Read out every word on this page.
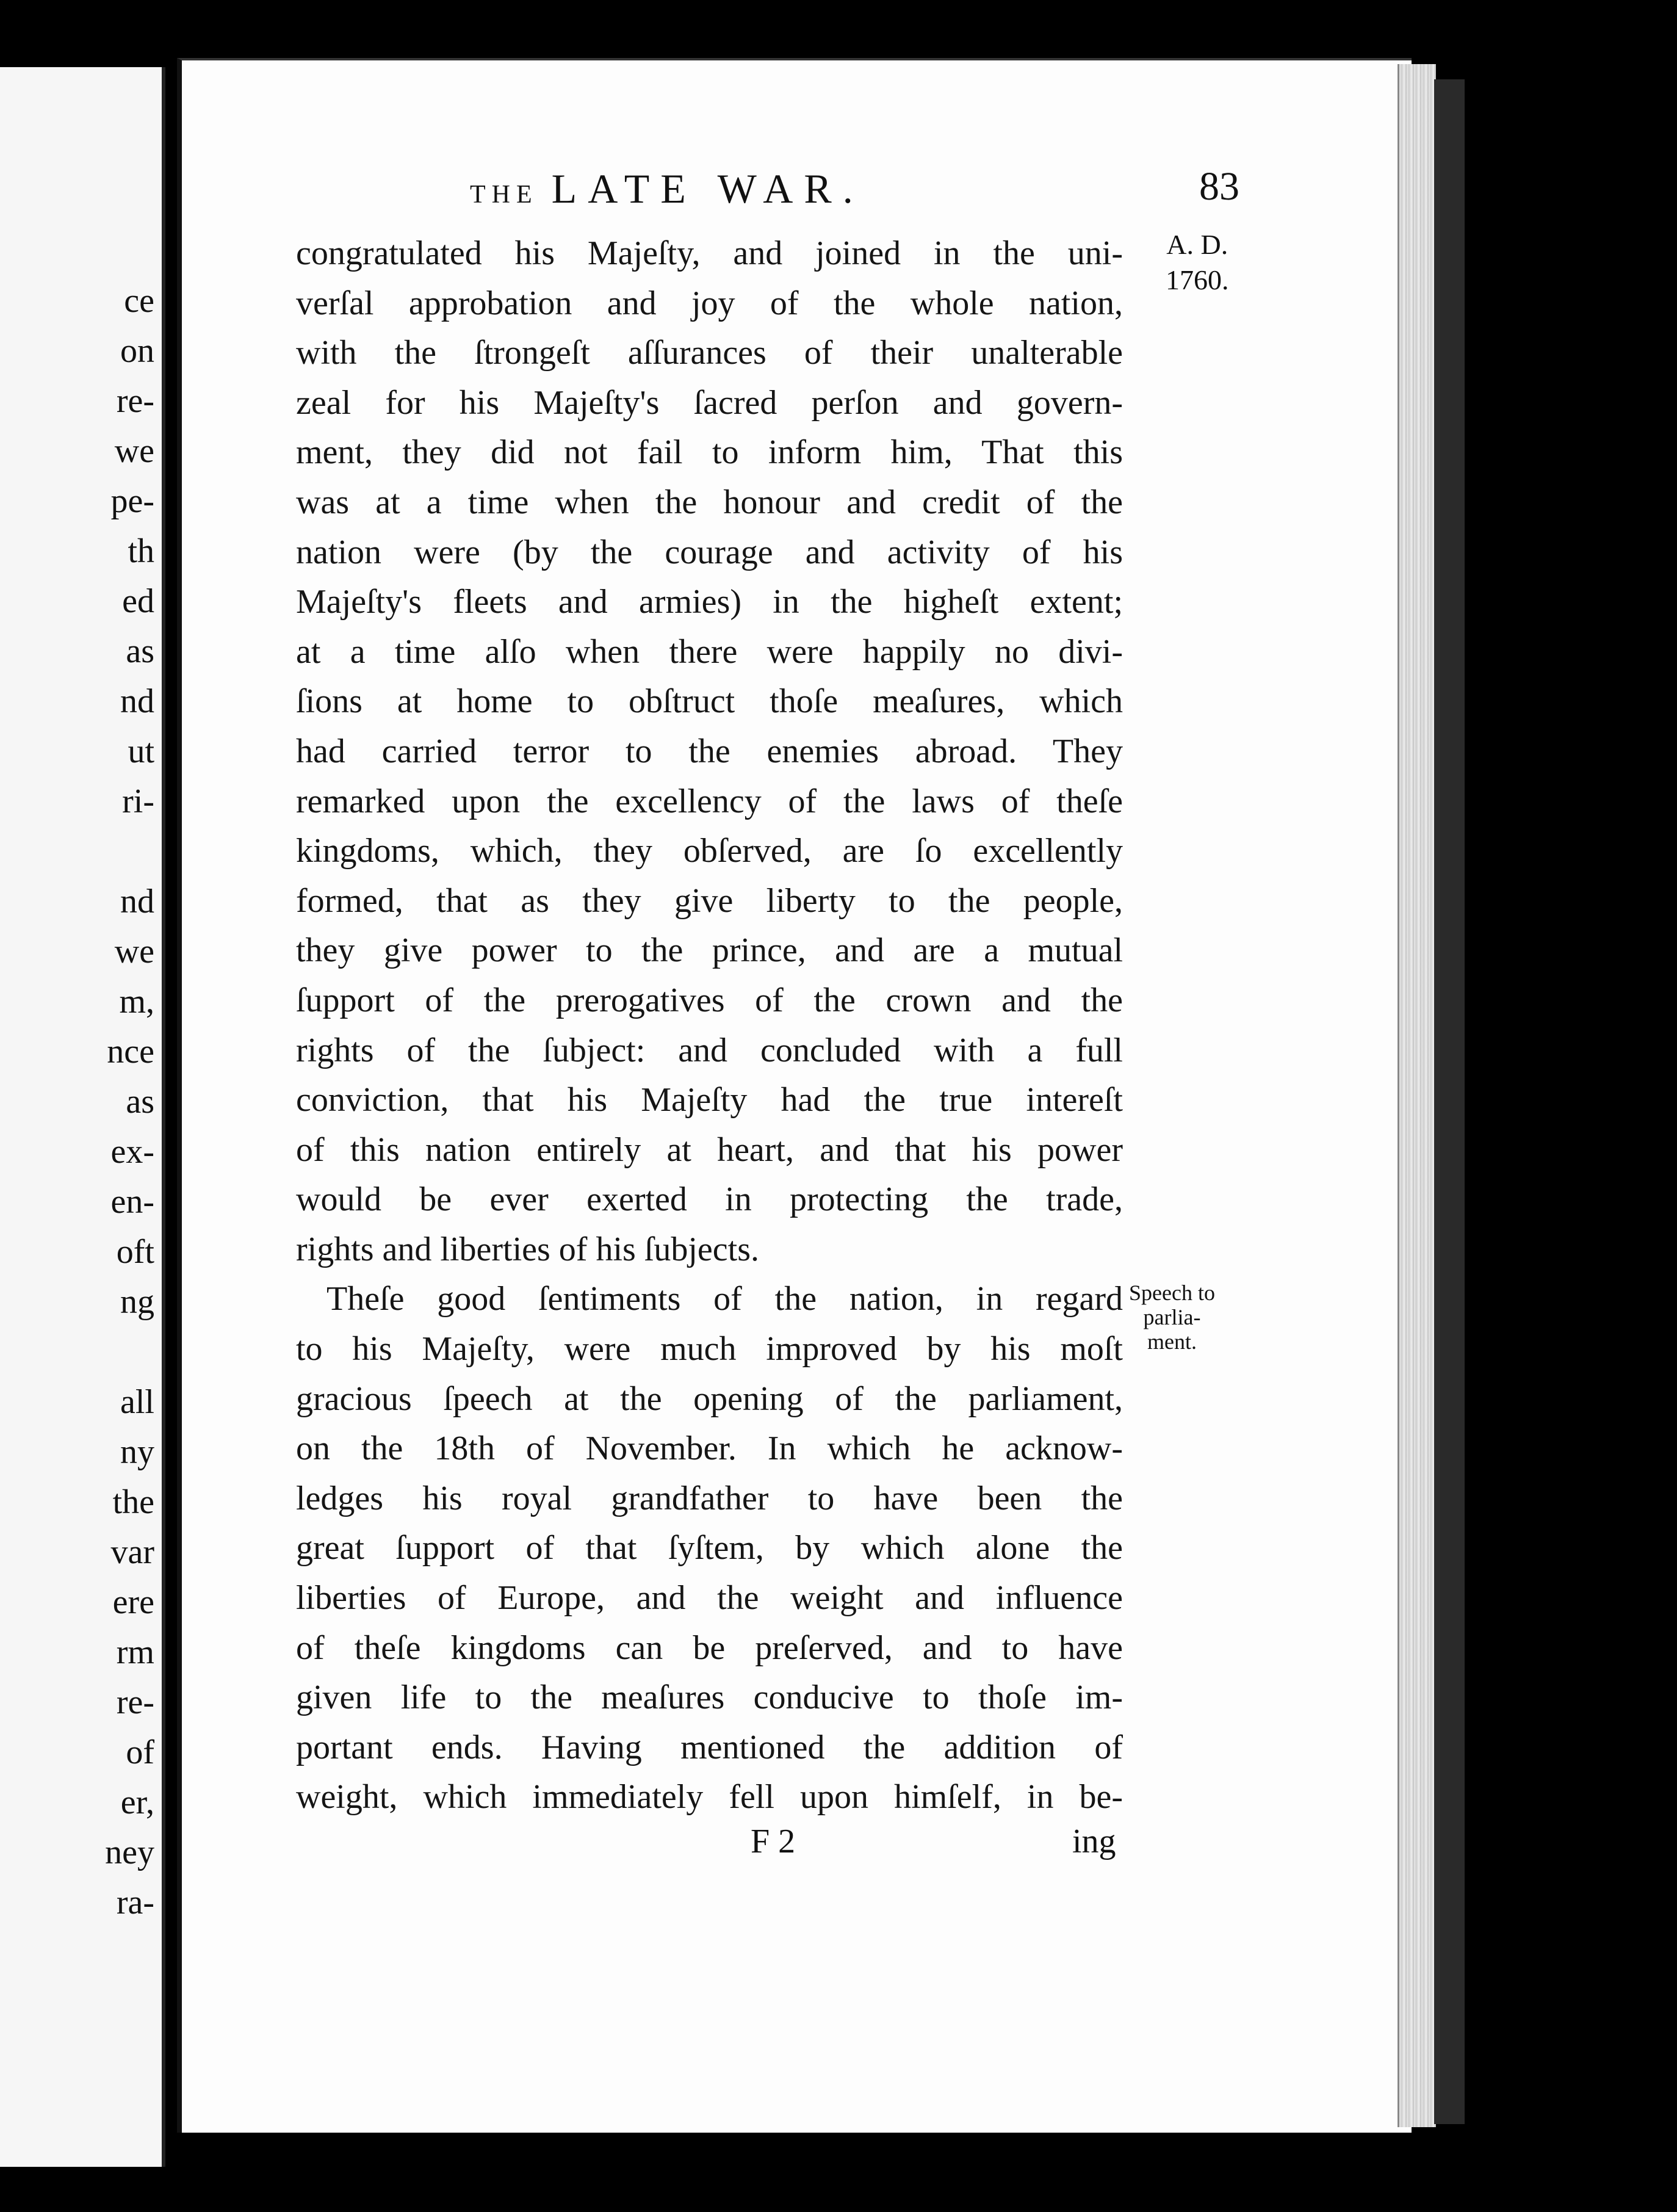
ce
on
re-
we
pe-
th
ed
as
nd
ut
ri-
nd
we
m,
nce
as
ex-
en-
oft
ng
all
ny
the
var
ere
rm
re-
of
er,
ney
ra-
THE LATE WAR.	83
A. D.
1760.
Speech to
parlia-
ment.
congratulated his Majeſty, and joined in the uni-
verſal approbation and joy of the whole nation,
with the ſtrongeſt aſſurances of their unalterable
zeal for his Majeſty's ſacred perſon and govern-
ment, they did not fail to inform him, That this
was at a time when the honour and credit of the
nation were (by the courage and activity of his
Majeſty's fleets and armies) in the higheſt extent;
at a time alſo when there were happily no divi-
ſions at home to obſtruct thoſe meaſures, which
had carried terror to the enemies abroad. They
remarked upon the excellency of the laws of theſe
kingdoms, which, they obſerved, are ſo excellently
formed, that as they give liberty to the people,
they give power to the prince, and are a mutual
ſupport of the prerogatives of the crown and the
rights of the ſubject: and concluded with a full
conviction, that his Majeſty had the true intereſt
of this nation entirely at heart, and that his power
would be ever exerted in protecting the trade,
rights and liberties of his ſubjects.
Theſe good ſentiments of the nation, in regard
to his Majeſty, were much improved by his moſt
gracious ſpeech at the opening of the parliament,
on the 18th of November. In which he acknow-
ledges his royal grandfather to have been the
great ſupport of that ſyſtem, by which alone the
liberties of Europe, and the weight and influence
of theſe kingdoms can be preſerved, and to have
given life to the meaſures conducive to thoſe im-
portant ends. Having mentioned the addition of
weight, which immediately fell upon himſelf, in be-
F 2	ing
